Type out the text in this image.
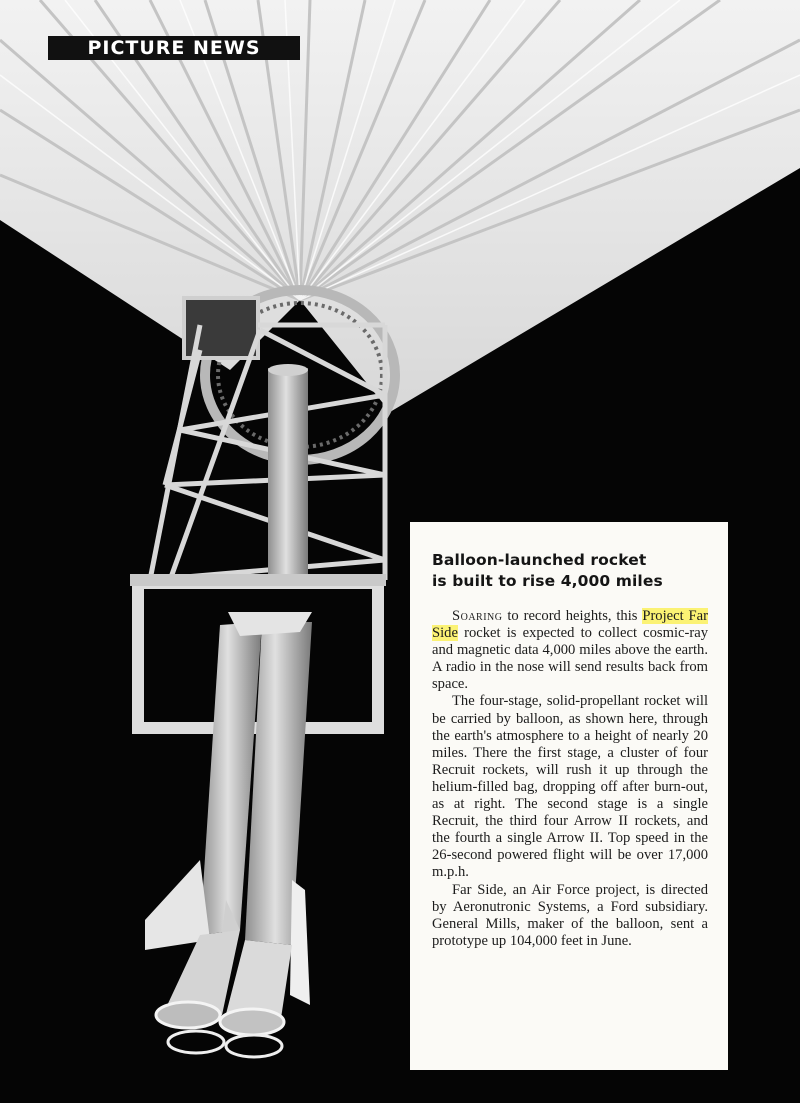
PICTURE NEWS
Balloon-launched rocket
is built to rise 4,000 miles

Soaring to record heights, this Project Far Side rocket is expected to collect cosmic-ray and magnetic data 4,000 miles above the earth. A radio in the nose will send results back from space.

The four-stage, solid-propellant rocket will be carried by balloon, as shown here, through the earth's atmosphere to a height of nearly 20 miles. There the first stage, a cluster of four Recruit rockets, will rush it up through the helium-filled bag, dropping off after burn-out, as at right. The second stage is a single Recruit, the third four Arrow II rockets, and the fourth a single Arrow II. Top speed in the 26-second powered flight will be over 17,000 m.p.h.

Far Side, an Air Force project, is directed by Aeronutronic Systems, a Ford subsidiary. General Mills, maker of the balloon, sent a prototype up 104,000 feet in June.
